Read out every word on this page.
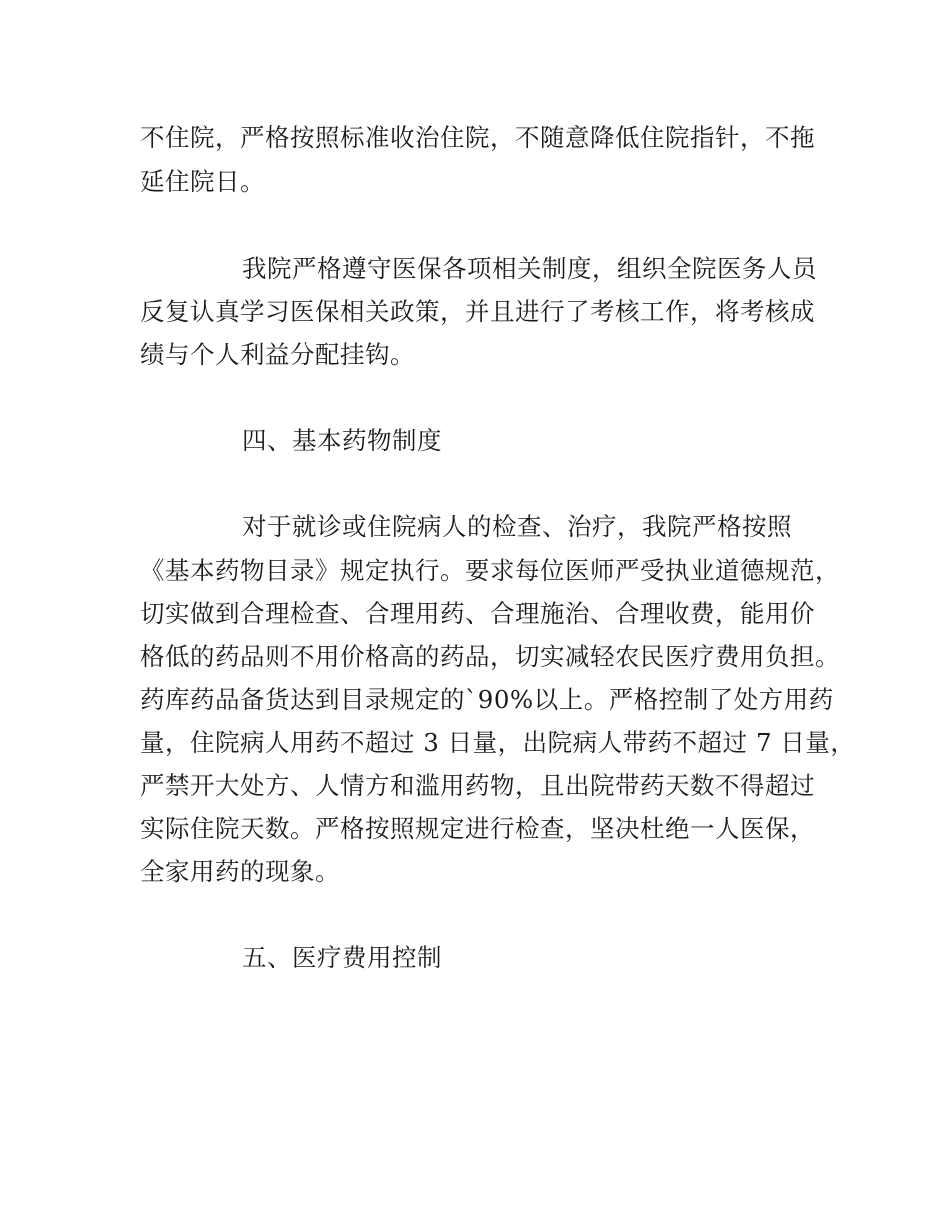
不住院，严格按照标准收治住院，不随意降低住院指针，不拖

延住院日。

我院严格遵守医保各项相关制度，组织全院医务人员

反复认真学习医保相关政策，并且进行了考核工作，将考核成

绩与个人利益分配挂钩。

四、基本药物制度

对于就诊或住院病人的检查、治疗，我院严格按照

《基本药物目录》规定执行。要求每位医师严受执业道德规范，

切实做到合理检查、合理用药、合理施治、合理收费，能用价

格低的药品则不用价格高的药品，切实减轻农民医疗费用负担。

药库药品备货达到目录规定的`90%以上。严格控制了处方用药

量，住院病人用药不超过 3 日量，出院病人带药不超过 7 日量，

严禁开大处方、人情方和滥用药物，且出院带药天数不得超过

实际住院天数。严格按照规定进行检查，坚决杜绝一人医保，

全家用药的现象。

五、医疗费用控制
